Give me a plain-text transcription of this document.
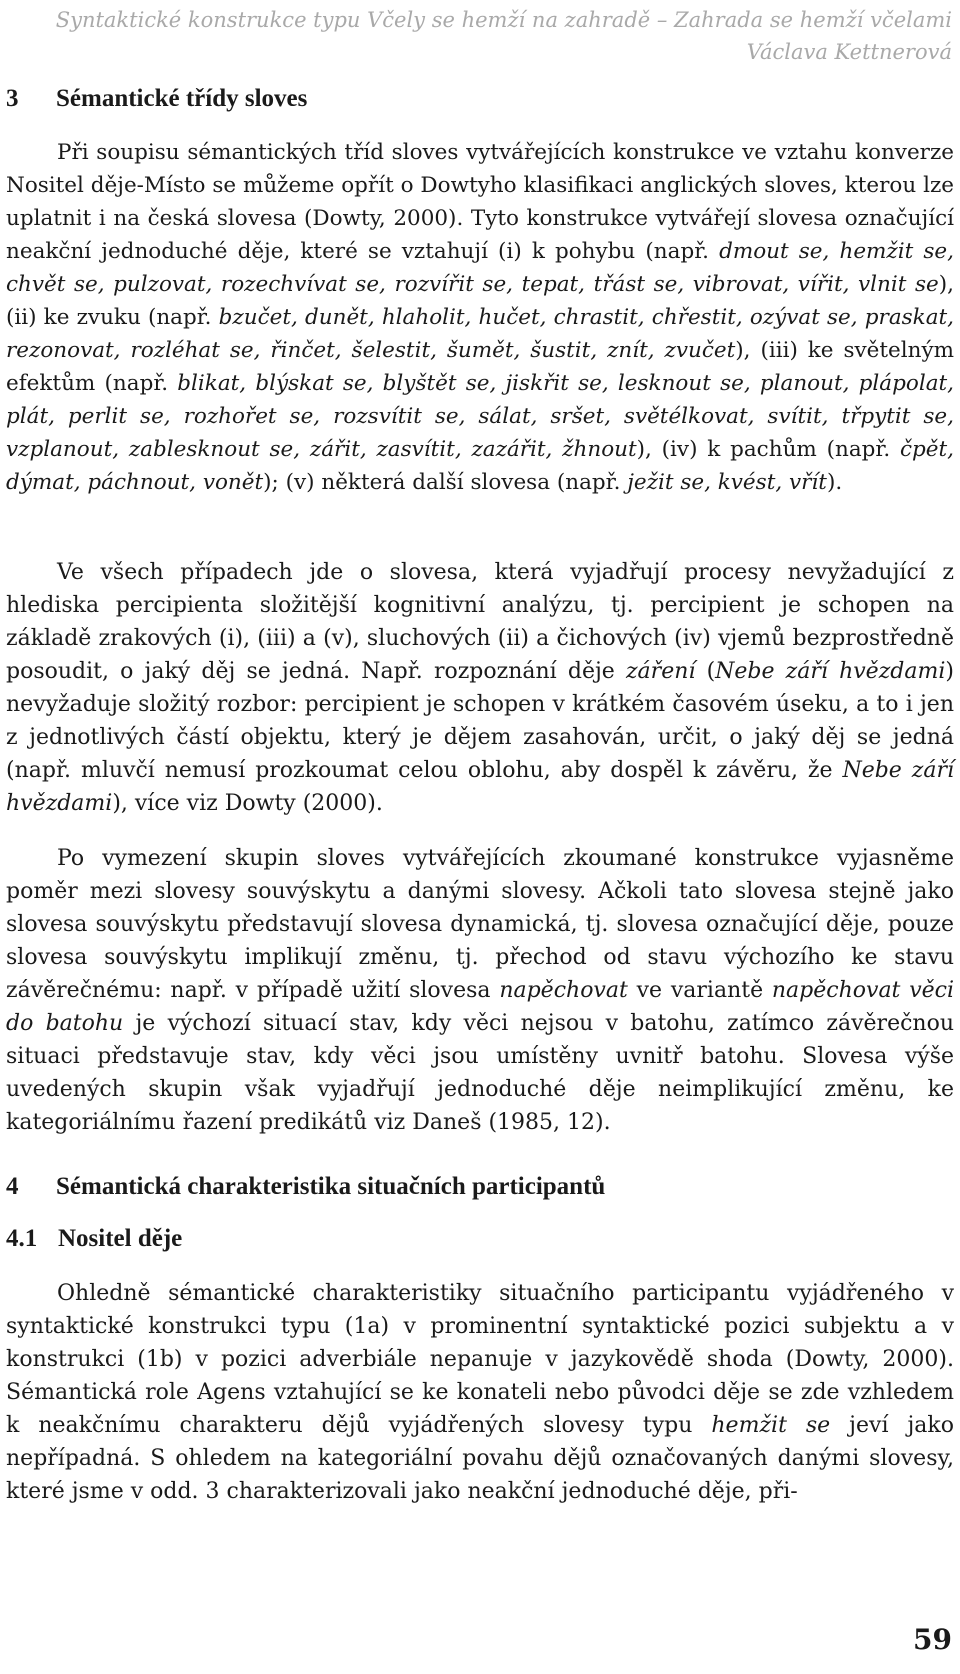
Syntaktické konstrukce typu Včely se hemží na zahradě – Zahrada se hemží včelami
Václava Kettnerová
3 Sémantické třídy sloves
Při soupisu sémantických tříd sloves vytvářejících konstrukce ve vztahu konverze Nositel děje-Místo se můžeme opřít o Dowtyho klasifikaci anglických sloves, kterou lze uplatnit i na česká slovesa (Dowty, 2000). Tyto konstrukce vytvářejí slovesa označující neakční jednoduché děje, které se vztahují (i) k pohybu (např. dmout se, hemžit se, chvět se, pulzovat, rozechvívat se, rozvířit se, tepat, třást se, vibrovat, vířit, vlnit se), (ii) ke zvuku (např. bzučet, dunět, hlaholit, hučet, chrastit, chřestit, ozývat se, praskat, rezonovat, rozléhat se, řinčet, šelestit, šumět, šustit, znít, zvučet), (iii) ke světelným efektům (např. blikat, blýskat se, blyštět se, jiskřit se, lesknout se, planout, plápolat, plát, perlit se, rozhořet se, rozsvítit se, sálat, sršet, světélkovat, svítit, třpytit se, vzplanout, zablesknout se, zářit, zasvítit, zazářit, žhnout), (iv) k pachům (např. čpět, dýmat, páchnout, vonět); (v) některá další slovesa (např. ježit se, kvést, vřít).
Ve všech případech jde o slovesa, která vyjadřují procesy nevyžadující z hlediska percipienta složitější kognitivní analýzu, tj. percipient je schopen na základě zrakových (i), (iii) a (v), sluchových (ii) a čichových (iv) vjemů bezprostředně posoudit, o jaký děj se jedná. Např. rozpoznání děje záření (Nebe září hvězdami) nevyžaduje složitý rozbor: percipient je schopen v krátkém časovém úseku, a to i jen z jednotlivých částí objektu, který je dějem zasahován, určit, o jaký děj se jedná (např. mluvčí nemusí prozkoumat celou oblohu, aby dospěl k závěru, že Nebe září hvězdami), více viz Dowty (2000).
Po vymezení skupin sloves vytvářejících zkoumané konstrukce vyjasněme poměr mezi slovesy souvýskytu a danými slovesy. Ačkoli tato slovesa stejně jako slovesa souvýskytu představují slovesa dynamická, tj. slovesa označující děje, pouze slovesa souvýskytu implikují změnu, tj. přechod od stavu výchozího ke stavu závěrečnému: např. v případě užití slovesa napěchovat ve variantě napěchovat věci do batohu je výchozí situací stav, kdy věci nejsou v batohu, zatímco závěrečnou situaci představuje stav, kdy věci jsou umístěny uvnitř batohu. Slovesa výše uvedených skupin však vyjadřují jednoduché děje neimplikující změnu, ke kategoriálnímu řazení predikátů viz Daneš (1985, 12).
4 Sémantická charakteristika situačních participantů
4.1 Nositel děje
Ohledně sémantické charakteristiky situačního participantu vyjádřeného v syntaktické konstrukci typu (1a) v prominentní syntaktické pozici subjektu a v konstrukci (1b) v pozici adverbiále nepanuje v jazykovědě shoda (Dowty, 2000). Sémantická role Agens vztahující se ke konateli nebo původci děje se zde vzhledem k neakčnímu charakteru dějů vyjádřených slovesy typu hemžit se jeví jako nepřípadná. S ohledem na kategoriální povahu dějů označovaných danými slovesy, které jsme v odd. 3 charakterizovali jako neakční jednoduché děje, při-
59
